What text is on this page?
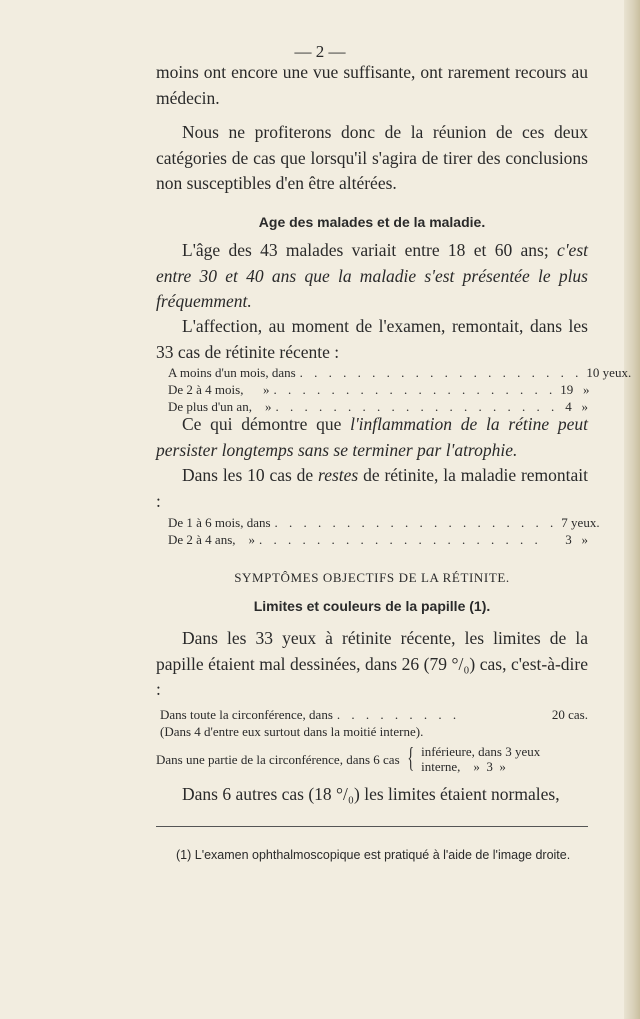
— 2 —

moins ont encore une vue suffisante, ont rarement recours au médecin.

Nous ne profiterons donc de la réunion de ces deux catégories de cas que lorsqu'il s'agira de tirer des conclusions non susceptibles d'en être altérées.

Age des malades et de la maladie.

L'âge des 43 malades variait entre 18 et 60 ans; c'est entre 30 et 40 ans que la maladie s'est présentée le plus fréquemment.

L'affection, au moment de l'examen, remontait, dans les 33 cas de rétinite récente :

A moins d'un mois, dans . . . . . . . . . . . . . . . . . . . . 10 yeux.
De 2 à 4 mois,      » . . . . . . . . . . . . . . . . . . . . 19   »
De plus d'un an,    » . . . . . . . . . . . . . . . . . . . . 4   »

Ce qui démontre que l'inflammation de la rétine peut persister longtemps sans se terminer par l'atrophie.

Dans les 10 cas de restes de rétinite, la maladie remontait :

De 1 à 6 mois, dans . . . . . . . . . . . . . . . . . . . . 7 yeux.
De 2 à 4 ans,    » . . . . . . . . . . . . . . . . . . . .	3   »
SYMPTÔMES OBJECTIFS DE LA RÉTINITE.
Limites et couleurs de la papille (1).

Dans les 33 yeux à rétinite récente, les limites de la papille étaient mal dessinées, dans 26 (79 °/₀) cas, c'est-à-dire :

Dans toute la circonférence, dans . . . . . . . . .	20 cas.
(Dans 4 d'entre eux surtout dans la moitié interne).
Dans une partie de la circonférence, dans 6 cas { inférieure, dans 3 yeux
interne,    »  3  »

Dans 6 autres cas (18 °/₀) les limites étaient normales,

(1) L'examen ophthalmoscopique est pratiqué à l'aide de l'image droite.
